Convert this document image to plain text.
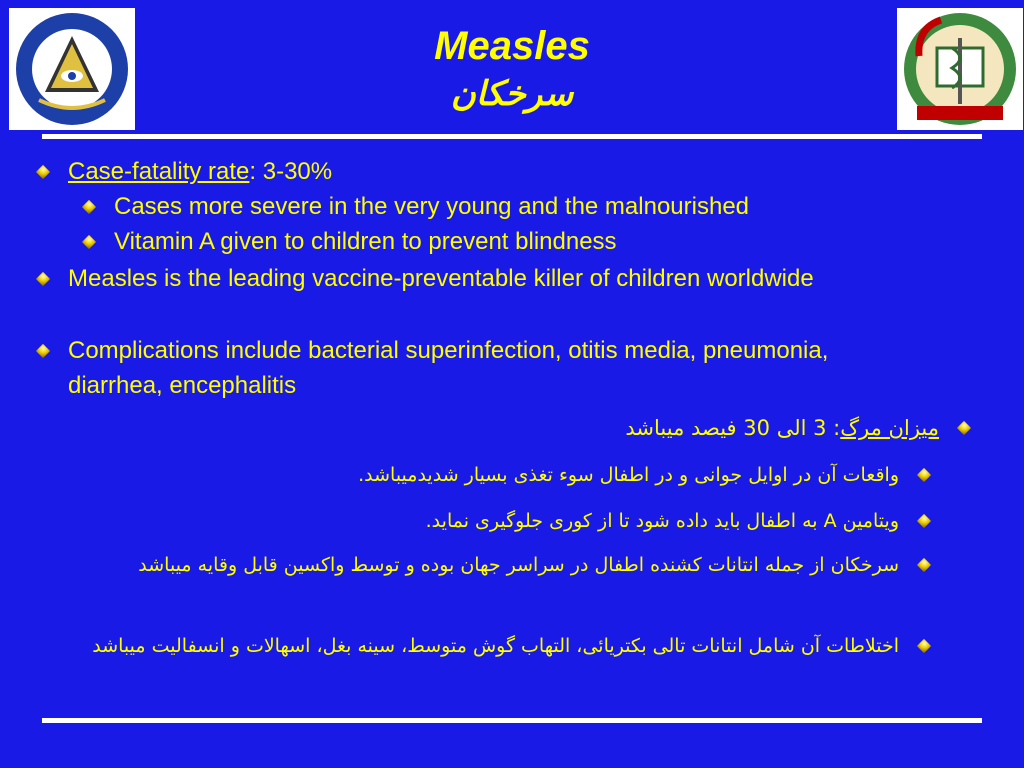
Measles
سرخکان
Case-fatality rate: 3-30%
Cases more severe in the very young and the malnourished
Vitamin A given to children to prevent blindness
Measles is the leading vaccine-preventable killer of children worldwide
Complications include bacterial superinfection, otitis media, pneumonia, diarrhea, encephalitis
میزان مرگ: 3 الی 30 فیصد میباشد
واقعات آن در اوایل جوانی و در اطفال سوء تغذی بسیار شدیدمیباشد.
ویتامین A به اطفال باید داده شود تا از کوری جلوگیری نماید.
سرخکان از جمله انتانات کشنده اطفال در سراسر جهان بوده و توسط واکسین قابل وقایه میباشد
اختلاطات آن شامل انتانات تالی بکتریائی، التهاب گوش متوسط، سینه بغل، اسهالات و انسفالیت میباشد
